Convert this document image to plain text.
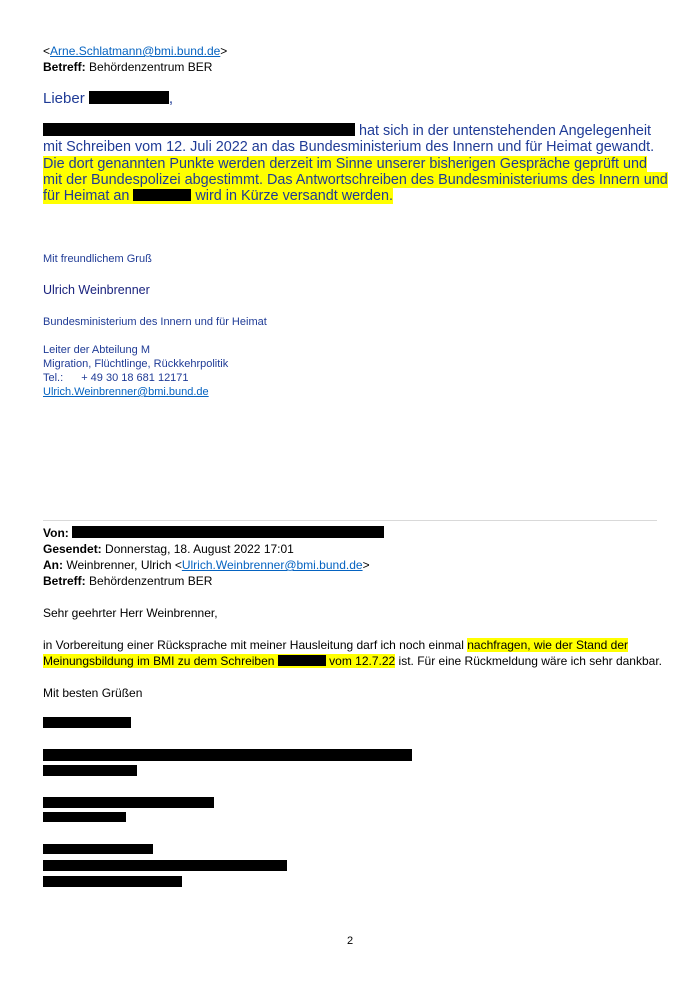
<Arne.Schlatmann@bmi.bund.de>
Betreff: Behördenzentrum BER
Lieber	,
hat sich in der untenstehenden Angelegenheit
mit Schreiben vom 12. Juli 2022 an das Bundesministerium des Innern und für Heimat gewandt.
Die dort genannten Punkte werden derzeit im Sinne unserer bisherigen Gespräche geprüft und
mit der Bundespolizei abgestimmt. Das Antwortschreiben des Bundesministeriums des Innern und
für Heimat an	wird in Kürze versandt werden.
Mit freundlichem Gruß
Ulrich Weinbrenner
Bundesministerium des Innern und für Heimat
Leiter der Abteilung M
Migration, Flüchtlinge, Rückkehrpolitik
Tel.: + 49 30 18 681 12171
Ulrich.Weinbrenner@bmi.bund.de
Von:
Gesendet: Donnerstag, 18. August 2022 17:01
An: Weinbrenner, Ulrich <Ulrich.Weinbrenner@bmi.bund.de>
Betreff: Behördenzentrum BER
Sehr geehrter Herr Weinbrenner,
in Vorbereitung einer Rücksprache mit meiner Hausleitung darf ich noch einmal nachfragen, wie der Stand der
Meinungsbildung im BMI zu dem Schreiben	vom 12.7.22 ist. Für eine Rückmeldung wäre ich sehr dankbar.
Mit besten Grüßen
2
